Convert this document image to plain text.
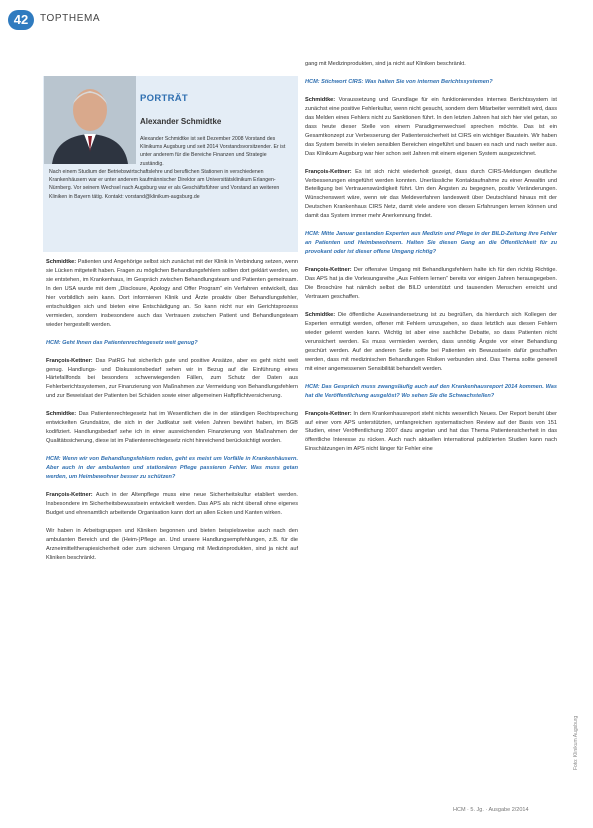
42	TOPTHEMA
PORTRÄT
Alexander Schmidtke
Alexander Schmidtke ist seit Dezember 2008 Vorstand des Klinikums Augsburg und seit 2014 Vorstandsvorsitzender. Er ist unter anderem für die Bereiche Finanzen und Strategie zuständig.
Nach einem Studium der Betriebswirtschaftslehre und beruflichen Stationen in verschiedenen Krankenhäusern war er unter anderem kaufmännischer Direktor am Universitätsklinikum Erlangen-Nürnberg. Vor seinem Wechsel nach Augsburg war er als Geschäftsführer und Vorstand an weiteren Kliniken in Bayern tätig. Kontakt: vorstand@klinikum-augsburg.de

Schmidtke: Patienten und Angehörige selbst sich zunächst mit der Klinik in Verbindung setzen, wenn sie Lücken mitgeteilt haben. Fragen zu möglichen Behandlungsfehlern sollten dort geklärt werden, wo sie entstehen, im Krankenhaus, im Gespräch zwischen Behandlungsteam und Patienten gemeinsam. In den USA wurde mit dem „Disclosure, Apology and Offer Program“ ein Verfahren entwickelt, das hier vorbildlich sein kann. Dort informieren Klinik und Ärzte proaktiv über Behandlungsfehler, entschuldigen sich und bieten eine Entschädigung an. So kann nicht nur ein Gerichtsprozess vermieden, sondern insbesondere auch das Vertrauen zwischen Patient und Behandlungsteam wieder hergestellt werden.

HCM: Geht Ihnen das Patientenrechtegesetz weit genug?

François-Kettner: Das PatRG hat sicherlich gute und positive Ansätze, aber es geht nicht weit genug. Handlungs- und Diskussionsbedarf sehen wir in Bezug auf die Einführung eines Härtefallfonds bei besonders schwerwiegenden Fällen, zum Schutz der Daten aus Fehlerberichtssystemen, zur Finanzierung von Maßnahmen zur Vermeidung von Behandlungsfehlern und zur Beweislast der Patienten bei Schäden sowie einer allgemeinen Haftpflichtversicherung.

Schmidtke: Das Patientenrechtegesetz hat im Wesentlichen die in der ständigen Rechtsprechung entwickelten Grundsätze, die sich in der Judikatur seit vielen Jahren bewährt haben, im BGB kodifiziert. Handlungsbedarf sehe ich in einer ausreichenden Finanzierung von Maßnahmen der Qualitätssicherung, diese ist im Patientenrechtegesetz nicht hinreichend berücksichtigt worden.

HCM: Wenn wir von Behandlungsfehlern reden, geht es meist um Vorfälle in Krankenhäusern. Aber auch in der ambulanten und stationären Pflege passieren Fehler. Was muss getan werden, um Heimbewohner besser zu schützen?

François-Kettner: Auch in der Altenpflege muss eine neue Sicherheitskultur etabliert werden. Insbesondere im Sicherheitsbewusstsein entwickelt werden. Das APS als nicht überall ohne eigenes Budget und ehrenamtlich arbeitende Organisation kann dort an allen Ecken und Kanten wirken.

Wir haben in Arbeitsgruppen und Kliniken begonnen und bieten beispielsweise auch nach den ambulanten Bereich und die (Heim-)Pflege an. Und unsere Handlungsempfehlungen, z.B. für die Arzneimitteltherapiesicherheit oder zum sicheren Umgang mit Medizinprodukten, sind ja nicht auf Kliniken beschränkt.

gang mit Medizinprodukten, sind ja nicht auf Kliniken beschränkt.

HCM: Stichwort CIRS: Was halten Sie von internen Berichtssystemen?

Schmidtke: Voraussetzung und Grundlage für ein funktionierendes internes Berichtssystem ist zunächst eine positive Fehlerkultur, wenn nicht gesucht, sondern dem Mitarbeiter vermittelt wird, dass das Melden eines Fehlers nicht zu Sanktionen führt. In den letzten Jahren hat sich hier viel getan, so dass heute dieser Stelle von einem Paradigmenwechsel sprechen möchte. Das ist ein Gesamtkonzept zur Verbesserung der Patientensicherheit ist CIRS ein wichtiger Baustein. Wir haben das System bereits in vielen sensiblen Bereichen eingeführt und bauen es nach und nach weiter aus. Das Klinikum Augsburg war hier schon seit Jahren mit einem eigenen System ausgezeichnet.

François-Kettner: Es ist sich nicht wiederholt gezeigt, dass durch CIRS-Meldungen deutliche Verbesserungen eingeführt werden konnten. Unerlässliche Kontaktaufnahme zu einer Anwaltin und Beteiligung bei Vertrauenswürdigkeit führt. Um den Ängsten zu begegnen, positiv Veränderungen. Wünschenswert wäre, wenn wir das Meldeverfahren landesweit über Deutschland hinaus mit der Deutschen Krankenhaus CIRS Netz, damit viele andere von diesen Erfahrungen lernen können und damit das System immer mehr Anerkennung findet.

HCM: Mitte Januar gestanden Experten aus Medizin und Pflege in der BILD-Zeitung ihre Fehler an Patienten und Heimbewohnern. Halten Sie diesen Gang an die Öffentlichkeit für zu provokant oder ist dieser offene Umgang richtig?

François-Kettner: Der offensive Umgang mit Behandlungsfehlern halte ich für den richtig Richtige. Das APS hat ja die Vorlesungsreihe „Aus Fehlern lernen“ bereits vor einigen Jahren herausgegeben. Die Broschüre hat nämlich selbst die BILD unterstützt und tausenden Menschen erreicht und Vertrauen geschaffen.

Schmidtke: Die öffentliche Auseinandersetzung ist zu begrüßen, da hierdurch sich Kollegen der Experten ermutigt werden, offener mit Fehlern umzugehen, so dass letztlich aus diesen Fehlern wieder gelernt werden kann. Wichtig ist aber eine sachliche Debatte, so dass Patienten nicht verunsichert werden. Es muss vermieden werden, dass unnötig Ängste vor einer Behandlung geschürt werden. Auf der anderen Seite sollte bei Patienten ein Bewusstsein dafür geschaffen werden, dass mit medizinischen Behandlungen Risiken verbunden sind. Das Thema sollte generell mit einer angemessenen Sensibilität behandelt werden.

HCM: Das Gespräch muss zwangsläufig auch auf den Krankenhausreport 2014 kommen. Was hat die Veröffentlichung ausgelöst? Wo sehen Sie die Schwachstellen?

François-Kettner: In dem Krankenhausreport steht nichts wesentlich Neues. Der Report beruht über auf einer vom APS unterstützten, umfangreichen systematischen Review auf der Basis von 151 Studien, einer Veröffentlichung 2007 dazu angetan und hat das Thema Patientensicherheit in das öffentliche Interesse zu rücken. Auch nach aktuellen international publizierten Studien kann nach Einschätzungen im APS nicht länger für Fehler eine

Foto: Klinikum Augsburg
HCM · 5. Jg. · Ausgabe 2/2014
